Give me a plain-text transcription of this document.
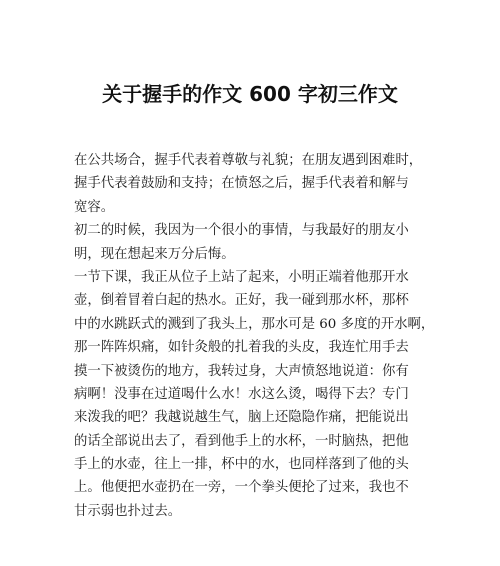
关于握手的作文 600 字初三作文
在公共场合，握手代表着尊敬与礼貌；在朋友遇到困难时，
握手代表着鼓励和支持；在愤怒之后，握手代表着和解与
宽容。
初二的时候，我因为一个很小的事情，与我最好的朋友小
明，现在想起来万分后悔。
一节下课，我正从位子上站了起来，小明正端着他那开水
壶，倒着冒着白起的热水。正好，我一碰到那水杯，那杯
中的水跳跃式的溅到了我头上，那水可是 60 多度的开水啊，
那一阵阵炽痛，如针灸般的扎着我的头皮，我连忙用手去
摸一下被烫伤的地方，我转过身，大声愤怒地说道：你有
病啊！没事在过道喝什么水！水这么烫，喝得下去？专门
来泼我的吧？我越说越生气，脑上还隐隐作痛，把能说出
的话全部说出去了，看到他手上的水杯，一时脑热，把他
手上的水壶，往上一排，杯中的水，也同样落到了他的头
上。他便把水壶扔在一旁，一个拳头便抡了过来，我也不
甘示弱也扑过去。
